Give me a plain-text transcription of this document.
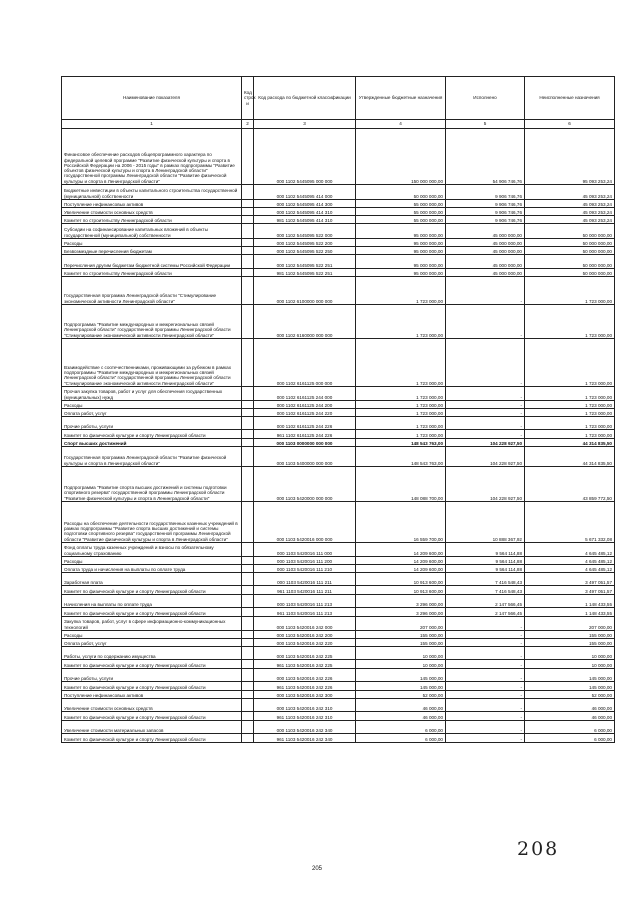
Наименование показателя	Код строк и	Код расхода по бюджетной классификации	Утвержденные бюджетные назначения	Исполнено	Неисполненные назначения
1	2	3	4	5	6
Финансовое обеспечение расходов общепрограммного характера по федеральной целевой программе "Развитие физической культуры и спорта в Российской Федерации на 2006 - 2015 годы" в рамках подпрограммы "Развитие объектов физической культуры и спорта в Ленинградской области" государственной программы Ленинградской области "Развитие физической культуры и спорта в Ленинградской области"		000 1102 5445095 000 000	150 000 000,00	54 906 746,76	95 093 253,24
Бюджетные инвестиции в объекты капитального строительства государственной (муниципальной) собственности		000 1102 5445095 414 000	50 000 000,00	9 906 746,76	45 093 253,24
Поступление нефинансовых активов		000 1102 5445095 414 300	55 000 000,00	9 906 746,76	45 093 253,24
Увеличение стоимости основных средств		000 1102 5445095 414 310	55 000 000,00	9 906 746,76	45 093 253,24
Комитет по строительству Ленинградской области		981 1102 5445095 414 310	55 000 000,00	9 906 746,76	45 093 253,24
Субсидии на софинансирование капитальных вложений в объекты государственной (муниципальной) собственности		000 1102 5445095 522 000	95 000 000,00	45 000 000,00	50 000 000,00
Расходы		000 1102 5445095 522 200	95 000 000,00	45 000 000,00	50 000 000,00
Безвозмездные перечисления бюджетам		000 1102 5445095 522 250	95 000 000,00	45 000 000,00	50 000 000,00
Перечисления другим бюджетам бюджетной системы Российской Федерации		000 1102 5445095 522 251	95 000 000,00	45 000 000,00	50 000 000,00
Комитет по строительству Ленинградской области		981 1102 5445095 522 251	95 000 000,00	45 000 000,00	50 000 000,00
Государственная программа Ленинградской области "Стимулирование экономической активности Ленинградской области"		000 1102 6100000 000 000	1 723 000,00	-	1 723 000,00
Подпрограмма "Развитие международных и межрегиональных связей Ленинградской области" государственной программы Ленинградской области "Стимулирование экономической активности Ленинградской области"		000 1102 6160000 000 000	1 723 000,00	-	1 723 000,00
Взаимодействие с соотечественниками, проживающими за рубежом в рамках подпрограммы "Развитие международных и межрегиональных связей Ленинградской области" государственной программы Ленинградской области "Стимулирование экономической активности Ленинградской области"		000 1102 6161125 000 000	1 723 000,00	-	1 723 000,00
Прочая закупка товаров, работ и услуг для обеспечения государственных (муниципальных) нужд		000 1102 6161125 244 000	1 723 000,00	-	1 723 000,00
Расходы		000 1102 6161125 244 200	1 723 000,00	-	1 723 000,00
Оплата работ, услуг		000 1102 6161125 244 220	1 723 000,00	-	1 723 000,00
Прочие работы, услуги		000 1102 6161125 244 226	1 723 000,00	-	1 723 000,00
Комитет по физической культуре и спорту Ленинградской области		961 1102 6161125 244 226	1 723 000,00	-	1 723 000,00
Спорт высших достижений		000 1103 0000000 000 000	148 543 763,00	104 228 927,50	44 314 835,50
Государственная программа Ленинградской области "Развитие физической культуры и спорта в Ленинградской области"		000 1103 5400000 000 000	148 543 763,00	104 228 927,50	44 314 835,50
Подпрограмма "Развитие спорта высших достижений и системы подготовки спортивного резерва" государственной программы Ленинградской области "Развитие физической культуры и спорта в Ленинградской области"		000 1103 5420000 000 000	148 088 700,00	104 228 927,50	43 859 772,50
Расходы на обеспечение деятельности государственных казенных учреждений в рамках подпрограммы "Развитие спорта высших достижений и системы подготовки спортивного резерва" государственной программы Ленинградской области "Развитие физической культуры и спорта в Ленинградской области"		000 1103 5420016 000 000	16 559 700,00	10 888 367,92	5 671 332,08
Фонд оплаты труда казенных учреждений и взносы по обязательному социальному страхованию		000 1103 5420016 111 000	14 209 600,00	9 564 114,88	4 645 485,12
Расходы		000 1103 5420016 111 200	14 209 600,00	9 564 114,88	4 645 485,12
Оплата труда и начисления на выплаты по оплате труда		000 1103 5420016 111 210	14 209 600,00	9 564 114,88	4 645 485,12
Заработная плата		000 1103 5420016 111 211	10 913 600,00	7 416 548,43	3 497 051,57
Комитет по физической культуре и спорту Ленинградской области		961 1103 5420016 111 211	10 913 600,00	7 416 548,43	3 497 051,57
Начисления на выплаты по оплате труда		000 1103 5420016 111 213	3 296 000,00	2 147 566,45	1 148 433,55
Комитет по физической культуре и спорту Ленинградской области		961 1103 5420016 111 213	3 296 000,00	2 147 566,45	1 148 433,55
Закупка товаров, работ, услуг в сфере информационно-коммуникационных технологий		000 1103 5420016 242 000	207 000,00	-	207 000,00
Расходы		000 1103 5420016 242 200	155 000,00	-	155 000,00
Оплата работ, услуг		000 1103 5420016 242 220	155 000,00	-	155 000,00
Работы, услуги по содержанию имущества		000 1103 5420016 242 225	10 000,00	-	10 000,00
Комитет по физической культуре и спорту Ленинградской области		961 1103 5420016 242 225	10 000,00	-	10 000,00
Прочие работы, услуги		000 1103 5420016 242 226	145 000,00	-	145 000,00
Комитет по физической культуре и спорту Ленинградской области		961 1103 5420016 242 226	145 000,00	-	145 000,00
Поступление нефинансовых активов		000 1103 5420016 242 300	52 000,00	-	52 000,00
Увеличение стоимости основных средств		000 1103 5420016 242 310	46 000,00	-	46 000,00
Комитет по физической культуре и спорту Ленинградской области		961 1103 5420016 242 310	46 000,00	-	46 000,00
Увеличение стоимости материальных запасов		000 1103 5420016 242 340	6 000,00	-	6 000,00
Комитет по физической культуре и спорту Ленинградской области		961 1103 5420016 242 340	6 000,00	-	6 000,00
205
208
